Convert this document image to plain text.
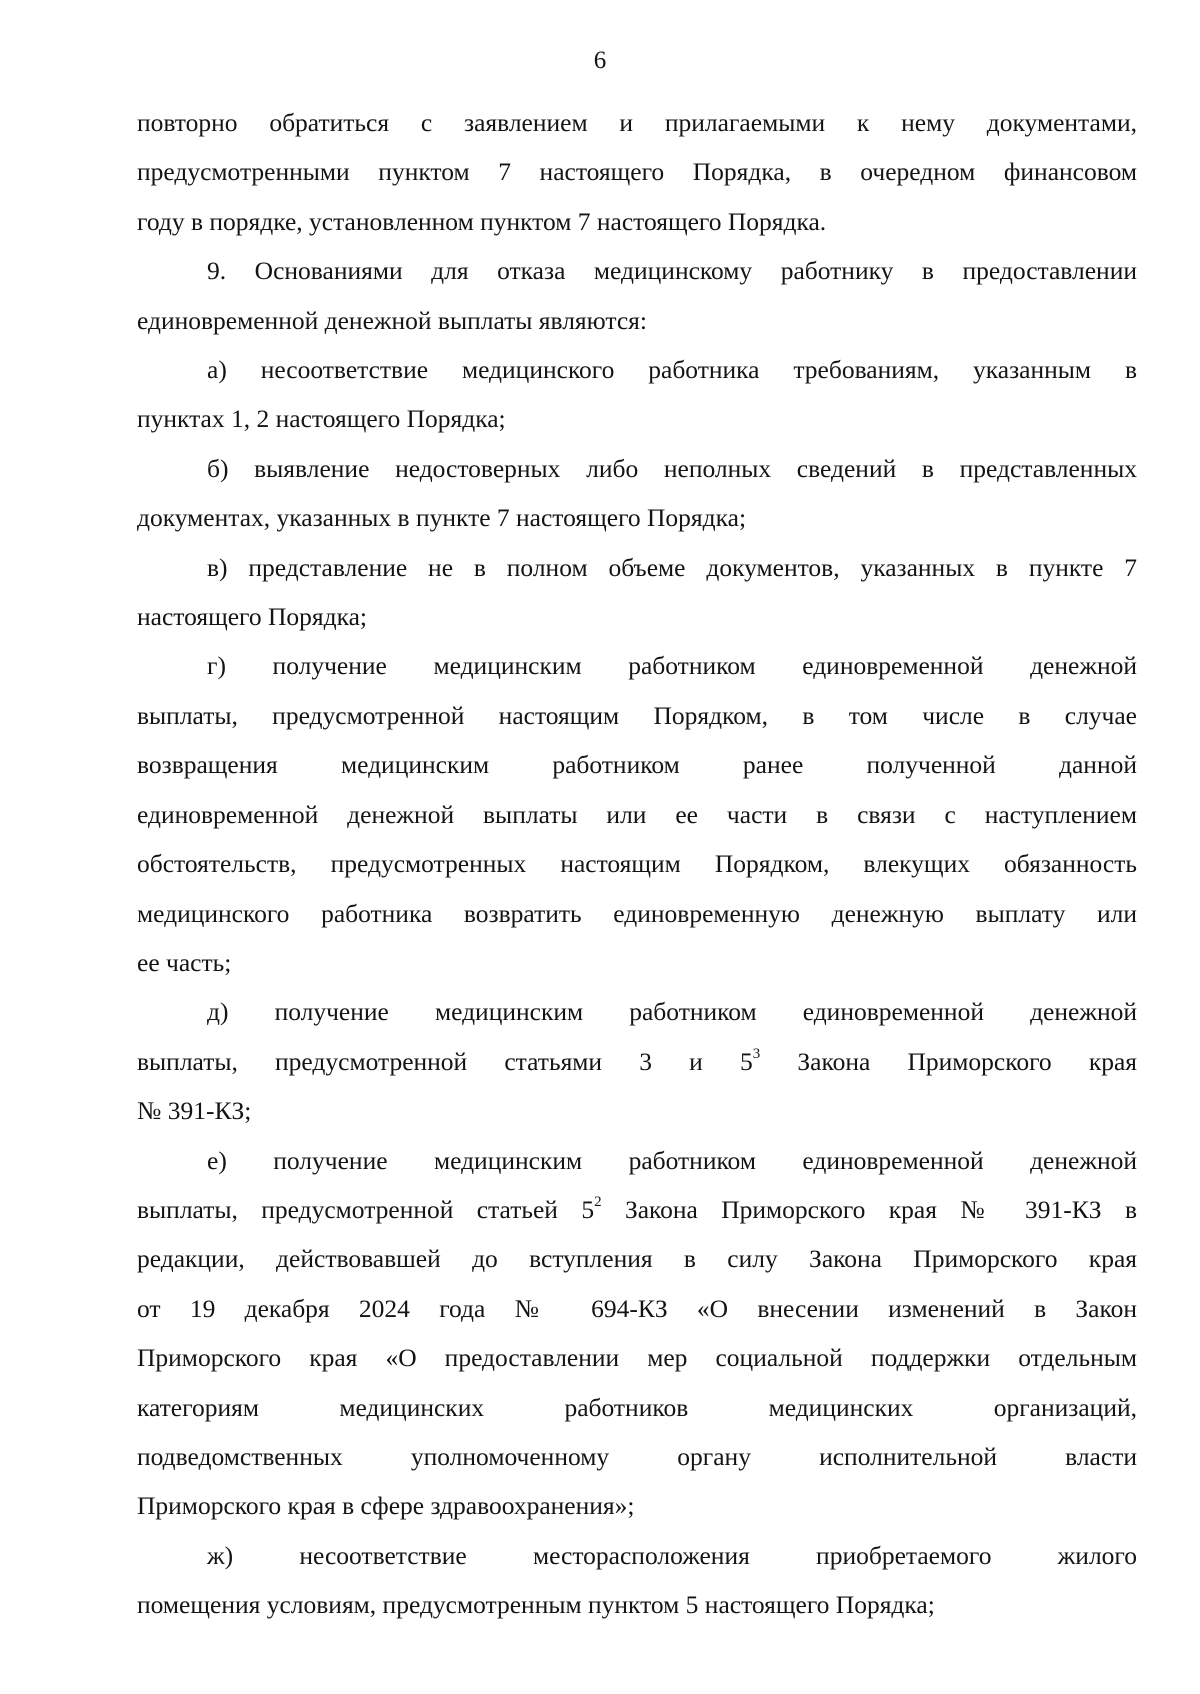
6

повторно обратиться с заявлением и прилагаемыми к нему документами,
предусмотренными пунктом 7 настоящего Порядка, в очередном финансовом
году в порядке, установленном пунктом 7 настоящего Порядка.

9. Основаниями для отказа медицинскому работнику в предоставлении
единовременной денежной выплаты являются:

а) несоответствие медицинского работника требованиям, указанным в
пунктах 1, 2 настоящего Порядка;

б) выявление недостоверных либо неполных сведений в представленных
документах, указанных в пункте 7 настоящего Порядка;

в) представление не в полном объеме документов, указанных в пункте 7
настоящего Порядка;

г) получение медицинским работником единовременной денежной
выплаты, предусмотренной настоящим Порядком, в том числе в случае
возвращения медицинским работником ранее полученной данной
единовременной денежной выплаты или ее части в связи с наступлением
обстоятельств, предусмотренных настоящим Порядком, влекущих обязанность
медицинского работника возвратить единовременную денежную выплату или
ее часть;

д) получение медицинским работником единовременной денежной
выплаты, предусмотренной статьями 3 и $5^3$ Закона Приморского края
№ 391-КЗ;

е) получение медицинским работником единовременной денежной
выплаты, предусмотренной статьей $5^2$ Закона Приморского края № 391-КЗ в
редакции, действовавшей до вступления в силу Закона Приморского края
от 19 декабря 2024 года № 694-КЗ «О внесении изменений в Закон
Приморского края «О предоставлении мер социальной поддержки отдельным
категориям медицинских работников медицинских организаций,
подведомственных уполномоченному органу исполнительной власти
Приморского края в сфере здравоохранения»;

ж) несоответствие месторасположения приобретаемого жилого
помещения условиям, предусмотренным пунктом 5 настоящего Порядка;
